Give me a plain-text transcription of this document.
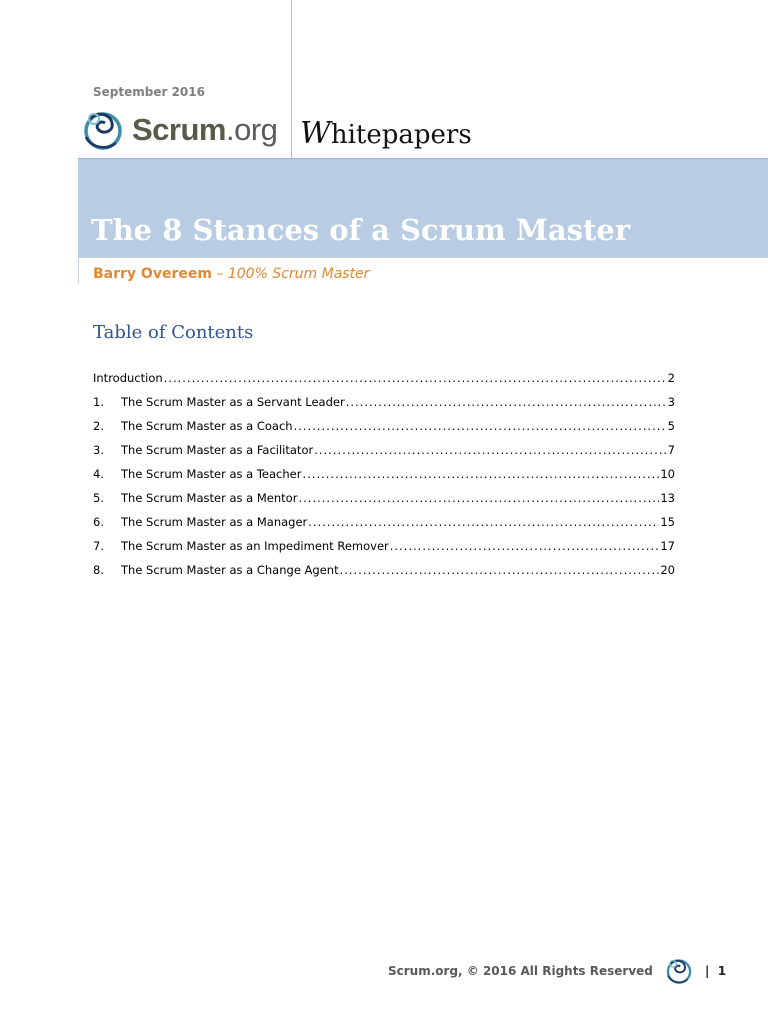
September 2016
Scrum.org Whitepapers
The 8 Stances of a Scrum Master
Barry Overeem – 100% Scrum Master
Table of Contents
Introduction .....	2
1.	The Scrum Master as a Servant Leader .....	3
2.	The Scrum Master as a Coach .....	5
3.	The Scrum Master as a Facilitator .....	7
4.	The Scrum Master as a Teacher .....	10
5.	The Scrum Master as a Mentor .....	13
6.	The Scrum Master as a Manager .....	15
7.	The Scrum Master as an Impediment Remover .....	17
8.	The Scrum Master as a Change Agent .....	20
Scrum.org, © 2016 All Rights Reserved	| 1
